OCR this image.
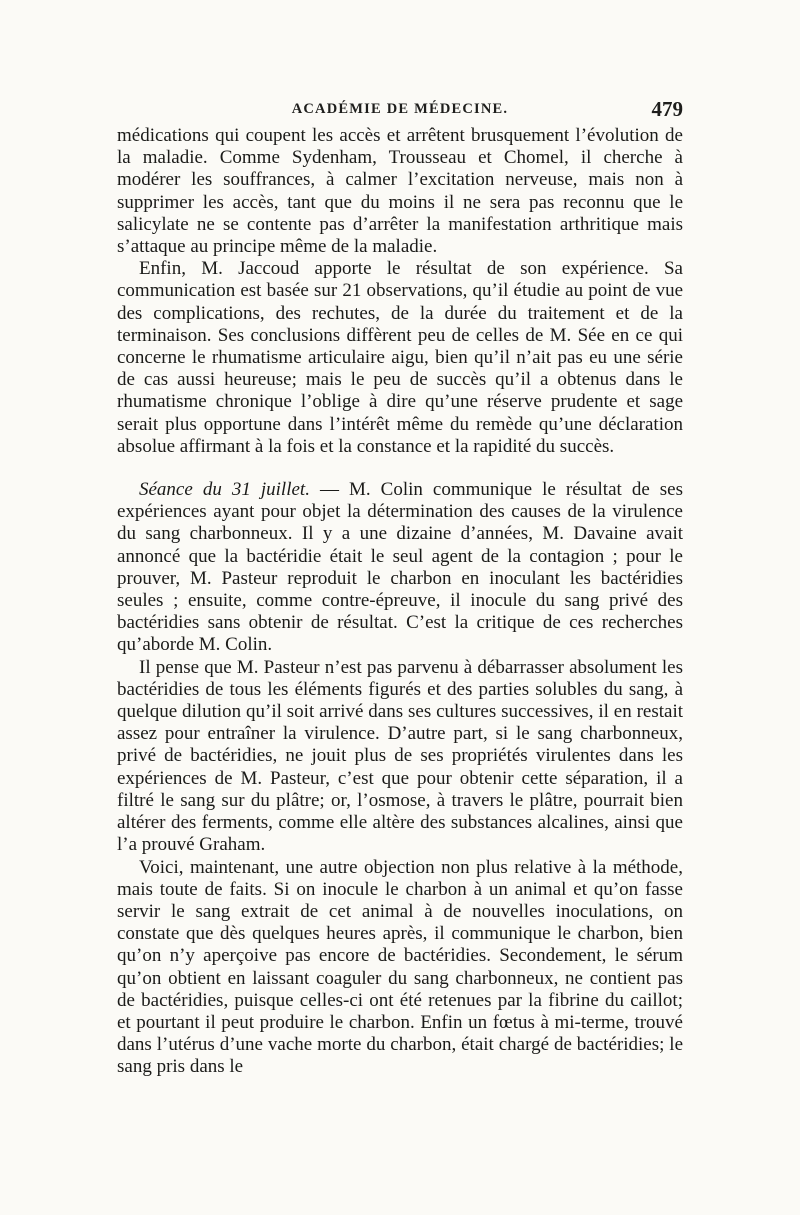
ACADÉMIE DE MÉDECINE.	479

médications qui coupent les accès et arrêtent brusquement l’évolution de la maladie. Comme Sydenham, Trousseau et Chomel, il cherche à modérer les souffrances, à calmer l’excitation nerveuse, mais non à supprimer les accès, tant que du moins il ne sera pas reconnu que le salicylate ne se contente pas d’arrêter la manifestation arthritique mais s’attaque au principe même de la maladie.

Enfin, M. Jaccoud apporte le résultat de son expérience. Sa communication est basée sur 21 observations, qu’il étudie au point de vue des complications, des rechutes, de la durée du traitement et de la terminaison. Ses conclusions diffèrent peu de celles de M. Sée en ce qui concerne le rhumatisme articulaire aigu, bien qu’il n’ait pas eu une série de cas aussi heureuse; mais le peu de succès qu’il a obtenus dans le rhumatisme chronique l’oblige à dire qu’une réserve prudente et sage serait plus opportune dans l’intérêt même du remède qu’une déclaration absolue affirmant à la fois et la constance et la rapidité du succès.

Séance du 31 juillet. — M. Colin communique le résultat de ses expériences ayant pour objet la détermination des causes de la virulence du sang charbonneux. Il y a une dizaine d’années, M. Davaine avait annoncé que la bactéridie était le seul agent de la contagion ; pour le prouver, M. Pasteur reproduit le charbon en inoculant les bactéridies seules ; ensuite, comme contre-épreuve, il inocule du sang privé des bactéridies sans obtenir de résultat. C’est la critique de ces recherches qu’aborde M. Colin.

Il pense que M. Pasteur n’est pas parvenu à débarrasser absolument les bactéridies de tous les éléments figurés et des parties solubles du sang, à quelque dilution qu’il soit arrivé dans ses cultures successives, il en restait assez pour entraîner la virulence. D’autre part, si le sang charbonneux, privé de bactéridies, ne jouit plus de ses propriétés virulentes dans les expériences de M. Pasteur, c’est que pour obtenir cette séparation, il a filtré le sang sur du plâtre; or, l’osmose, à travers le plâtre, pourrait bien altérer des ferments, comme elle altère des substances alcalines, ainsi que l’a prouvé Graham.

Voici, maintenant, une autre objection non plus relative à la méthode, mais toute de faits. Si on inocule le charbon à un animal et qu’on fasse servir le sang extrait de cet animal à de nouvelles inoculations, on constate que dès quelques heures après, il communique le charbon, bien qu’on n’y aperçoive pas encore de bactéridies. Secondement, le sérum qu’on obtient en laissant coaguler du sang charbonneux, ne contient pas de bactéridies, puisque celles-ci ont été retenues par la fibrine du caillot; et pourtant il peut produire le charbon. Enfin un fœtus à mi-terme, trouvé dans l’utérus d’une vache morte du charbon, était chargé de bactéridies; le sang pris dans le
